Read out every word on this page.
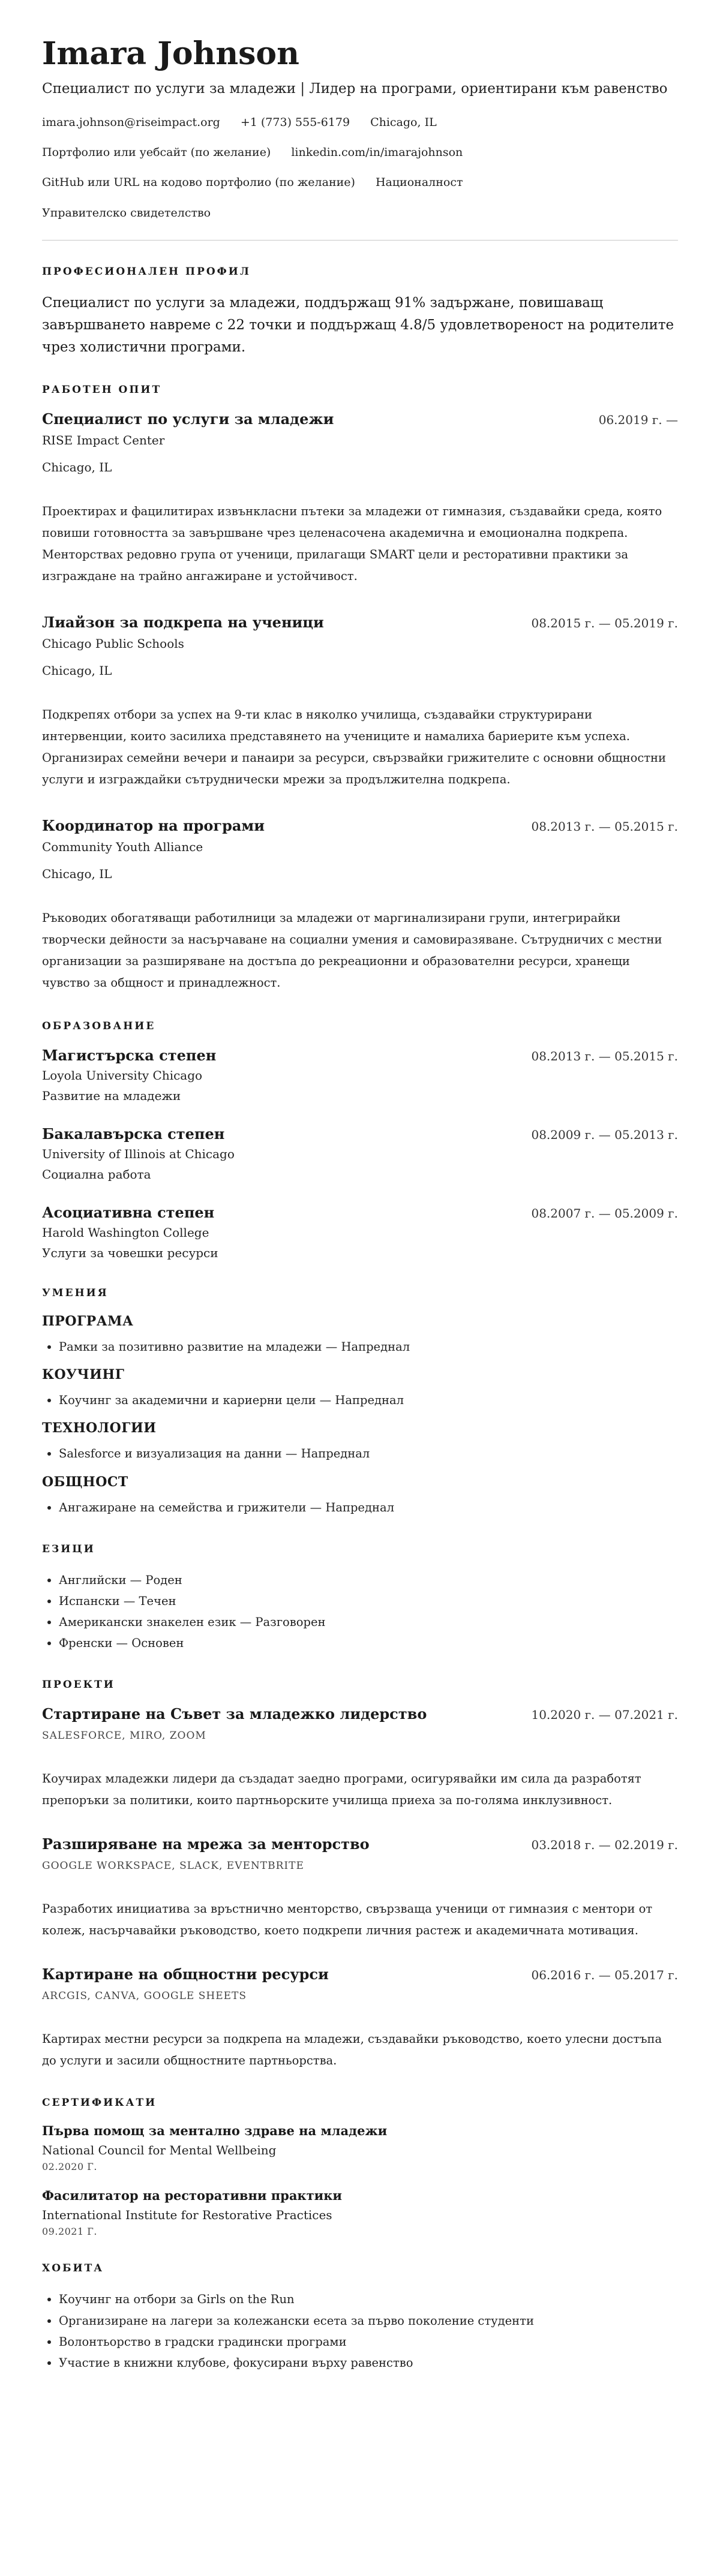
Imara Johnson
Специалист по услуги за младежи | Лидер на програми, ориентирани към равенство
imara.johnson@riseimpact.org +1 (773) 555-6179 Chicago, IL
Портфолио или уебсайт (по желание) linkedin.com/in/imarajohnson
GitHub или URL на кодово портфолио (по желание) Националност
Управителско свидетелство
ПРОФЕСИОНАЛЕН ПРОФИЛ

Специалист по услуги за младежи, поддържащ 91% задържане, повишаващ завършването навреме с 22 точки и поддържащ 4.8/5 удовлетвореност на родителите чрез холистични програми.

РАБОТЕН ОПИТ
Специалист по услуги за младежи	06.2019 г. —
RISE Impact Center
Chicago, IL

Проектирах и фацилитирах извънкласни пътеки за младежи от гимназия, създавайки среда, която повиши готовността за завършване чрез целенасочена академична и емоционална подкрепа. Менторствах редовно група от ученици, прилагащи SMART цели и ресторативни практики за изграждане на трайно ангажиране и устойчивост.

Лиайзон за подкрепа на ученици	08.2015 г. — 05.2019 г.
Chicago Public Schools
Chicago, IL

Подкрепях отбори за успех на 9-ти клас в няколко училища, създавайки структурирани интервенции, които засилиха представянето на учениците и намалиха бариерите към успеха. Организирах семейни вечери и панаири за ресурси, свързвайки грижителите с основни общностни услуги и изграждайки сътруднически мрежи за продължителна подкрепа.

Координатор на програми	08.2013 г. — 05.2015 г.
Community Youth Alliance
Chicago, IL

Ръководих обогатяващи работилници за младежи от маргинализирани групи, интегрирайки творчески дейности за насърчаване на социални умения и самовиразяване. Сътрудничих с местни организации за разширяване на достъпа до рекреационни и образователни ресурси, хранещи чувство за общност и принадлежност.

ОБРАЗОВАНИЕ
Магистърска степен	08.2013 г. — 05.2015 г.
Loyola University Chicago
Развитие на младежи
Бакалавърска степен	08.2009 г. — 05.2013 г.
University of Illinois at Chicago
Социална работа
Асоциативна степен	08.2007 г. — 05.2009 г.
Harold Washington College
Услуги за човешки ресурси
УМЕНИЯ
ПРОГРАМА
• Рамки за позитивно развитие на младежи — Напреднал
КОУЧИНГ
• Коучинг за академични и кариерни цели — Напреднал
ТЕХНОЛОГИИ
• Salesforce и визуализация на данни — Напреднал
ОБЩНОСТ
• Ангажиране на семейства и грижители — Напреднал
ЕЗИЦИ
• Английски — Роден
• Испански — Течен
• Американски знакелен език — Разговорен
• Френски — Основен
ПРОЕКТИ
Стартиране на Съвет за младежко лидерство	10.2020 г. — 07.2021 г.
SALESFORCE, MIRO, ZOOM

Коучирах младежки лидери да създадат заедно програми, осигурявайки им сила да разработят препоръки за политики, които партньорските училища приеха за по-голяма инклузивност.

Разширяване на мрежа за менторство	03.2018 г. — 02.2019 г.
GOOGLE WORKSPACE, SLACK, EVENTBRITE

Разработих инициатива за връстнично менторство, свързваща ученици от гимназия с ментори от колеж, насърчавайки ръководство, което подкрепи личния растеж и академичната мотивация.

Картиране на общностни ресурси	06.2016 г. — 05.2017 г.
ARCGIS, CANVA, GOOGLE SHEETS

Картирах местни ресурси за подкрепа на младежи, създавайки ръководство, което улесни достъпа до услуги и засили общностните партньорства.

СЕРТИФИКАТИ
Първа помощ за ментално здраве на младежи
National Council for Mental Wellbeing
02.2020 Г.
Фасилитатор на ресторативни практики
International Institute for Restorative Practices
09.2021 Г.
ХОБИТА
• Коучинг на отбори за Girls on the Run
• Организиране на лагери за колежански есета за първо поколение студенти
• Волонтьорство в градски градински програми
• Участие в книжни клубове, фокусирани върху равенство
